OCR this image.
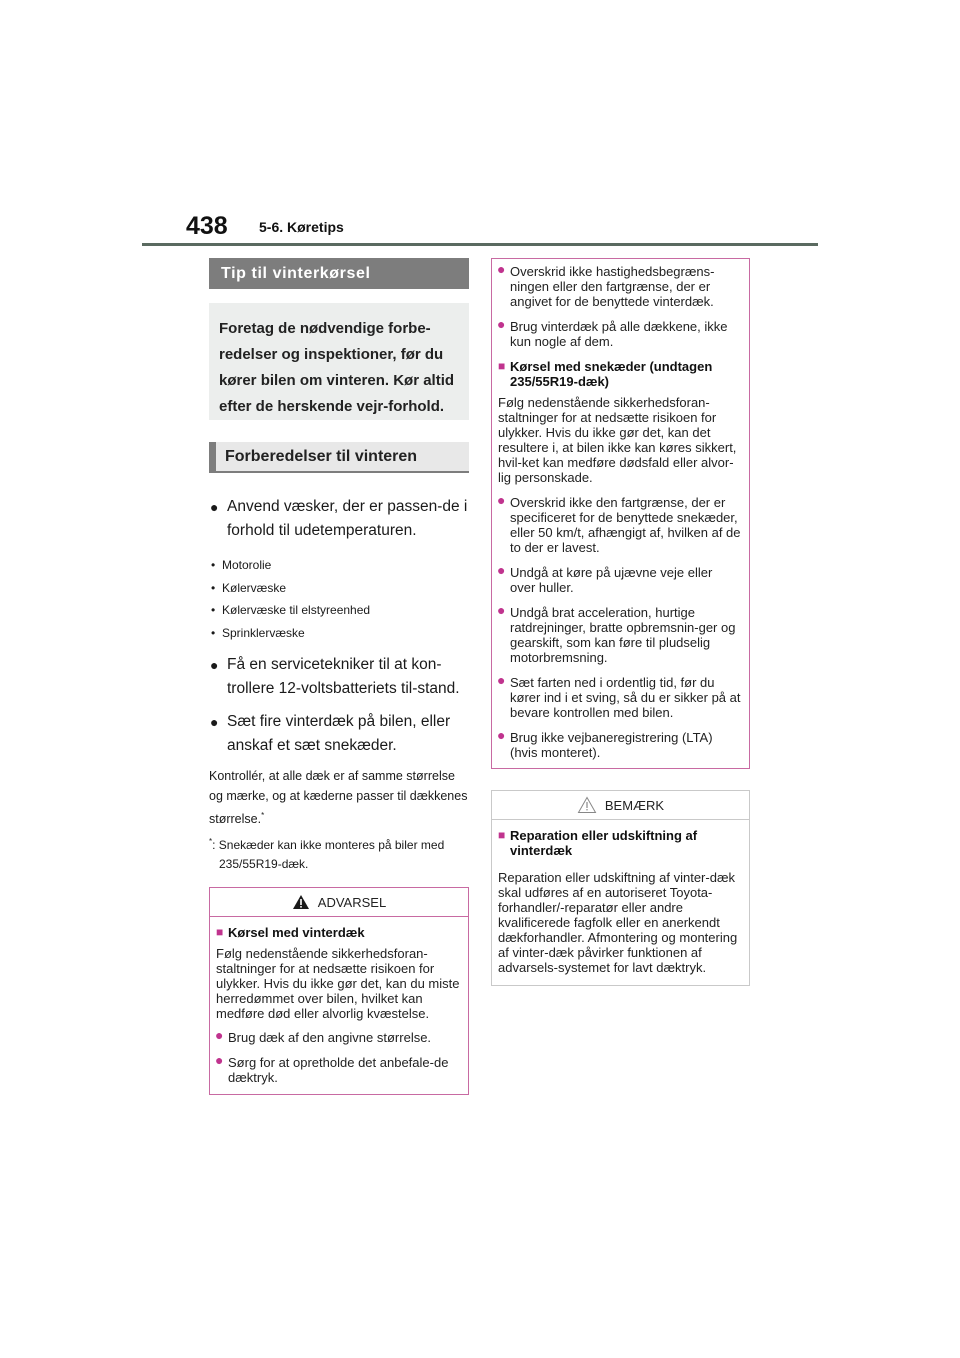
438 5-6. Køretips
Tip til vinterkørsel
Foretag de nødvendige forbe-redelser og inspektioner, før du kører bilen om vinteren. Kør altid efter de herskende vejr-forhold.
Forberedelser til vinteren
● Anvend væsker, der er passen-de i forhold til udetemperaturen.
• Motorolie
• Kølervæske
• Kølervæske til elstyreenhed
• Sprinklervæske
● Få en servicetekniker til at kon-trollere 12-voltsbatteriets til-stand.
● Sæt fire vinterdæk på bilen, eller anskaf et sæt snekæder.
Kontrollér, at alle dæk er af samme størrelse og mærke, og at kæderne passer til dækkenes størrelse.*
*: Snekæder kan ikke monteres på biler med 235/55R19-dæk.
ADVARSEL
■ Kørsel med vinterdæk
Følg nedenstående sikkerhedsforan-staltninger for at nedsætte risikoen for ulykker. Hvis du ikke gør det, kan du miste herredømmet over bilen, hvilket kan medføre død eller alvorlig kvæstelse.
● Brug dæk af den angivne størrelse.
● Sørg for at opretholde det anbefale-de dæktryk.
● Overskrid ikke hastighedsbegræns-ningen eller den fartgrænse, der er angivet for de benyttede vinterdæk.
● Brug vinterdæk på alle dækkene, ikke kun nogle af dem.
■ Kørsel med snekæder (undtagen 235/55R19-dæk)
Følg nedenstående sikkerhedsforan-staltninger for at nedsætte risikoen for ulykker. Hvis du ikke gør det, kan det resultere i, at bilen ikke kan køres sikkert, hvil-ket kan medføre dødsfald eller alvor-lig personskade.
● Overskrid ikke den fartgrænse, der er specificeret for de benyttede snekæder, eller 50 km/t, afhængigt af, hvilken af de to der er lavest.
● Undgå at køre på ujævne veje eller over huller.
● Undgå brat acceleration, hurtige ratdrejninger, bratte opbremsnin-ger og gearskift, som kan føre til pludselig motorbremsning.
● Sæt farten ned i ordentlig tid, før du kører ind i et sving, så du er sikker på at bevare kontrollen med bilen.
● Brug ikke vejbaneregistrering (LTA) (hvis monteret).
BEMÆRK
■ Reparation eller udskiftning af vinterdæk
Reparation eller udskiftning af vinter-dæk skal udføres af en autoriseret Toyota-forhandler/-reparatør eller andre kvalificerede fagfolk eller en anerkendt dækforhandler. Afmontering og montering af vinter-dæk påvirker funktionen af advarsels-systemet for lavt dæktryk.
